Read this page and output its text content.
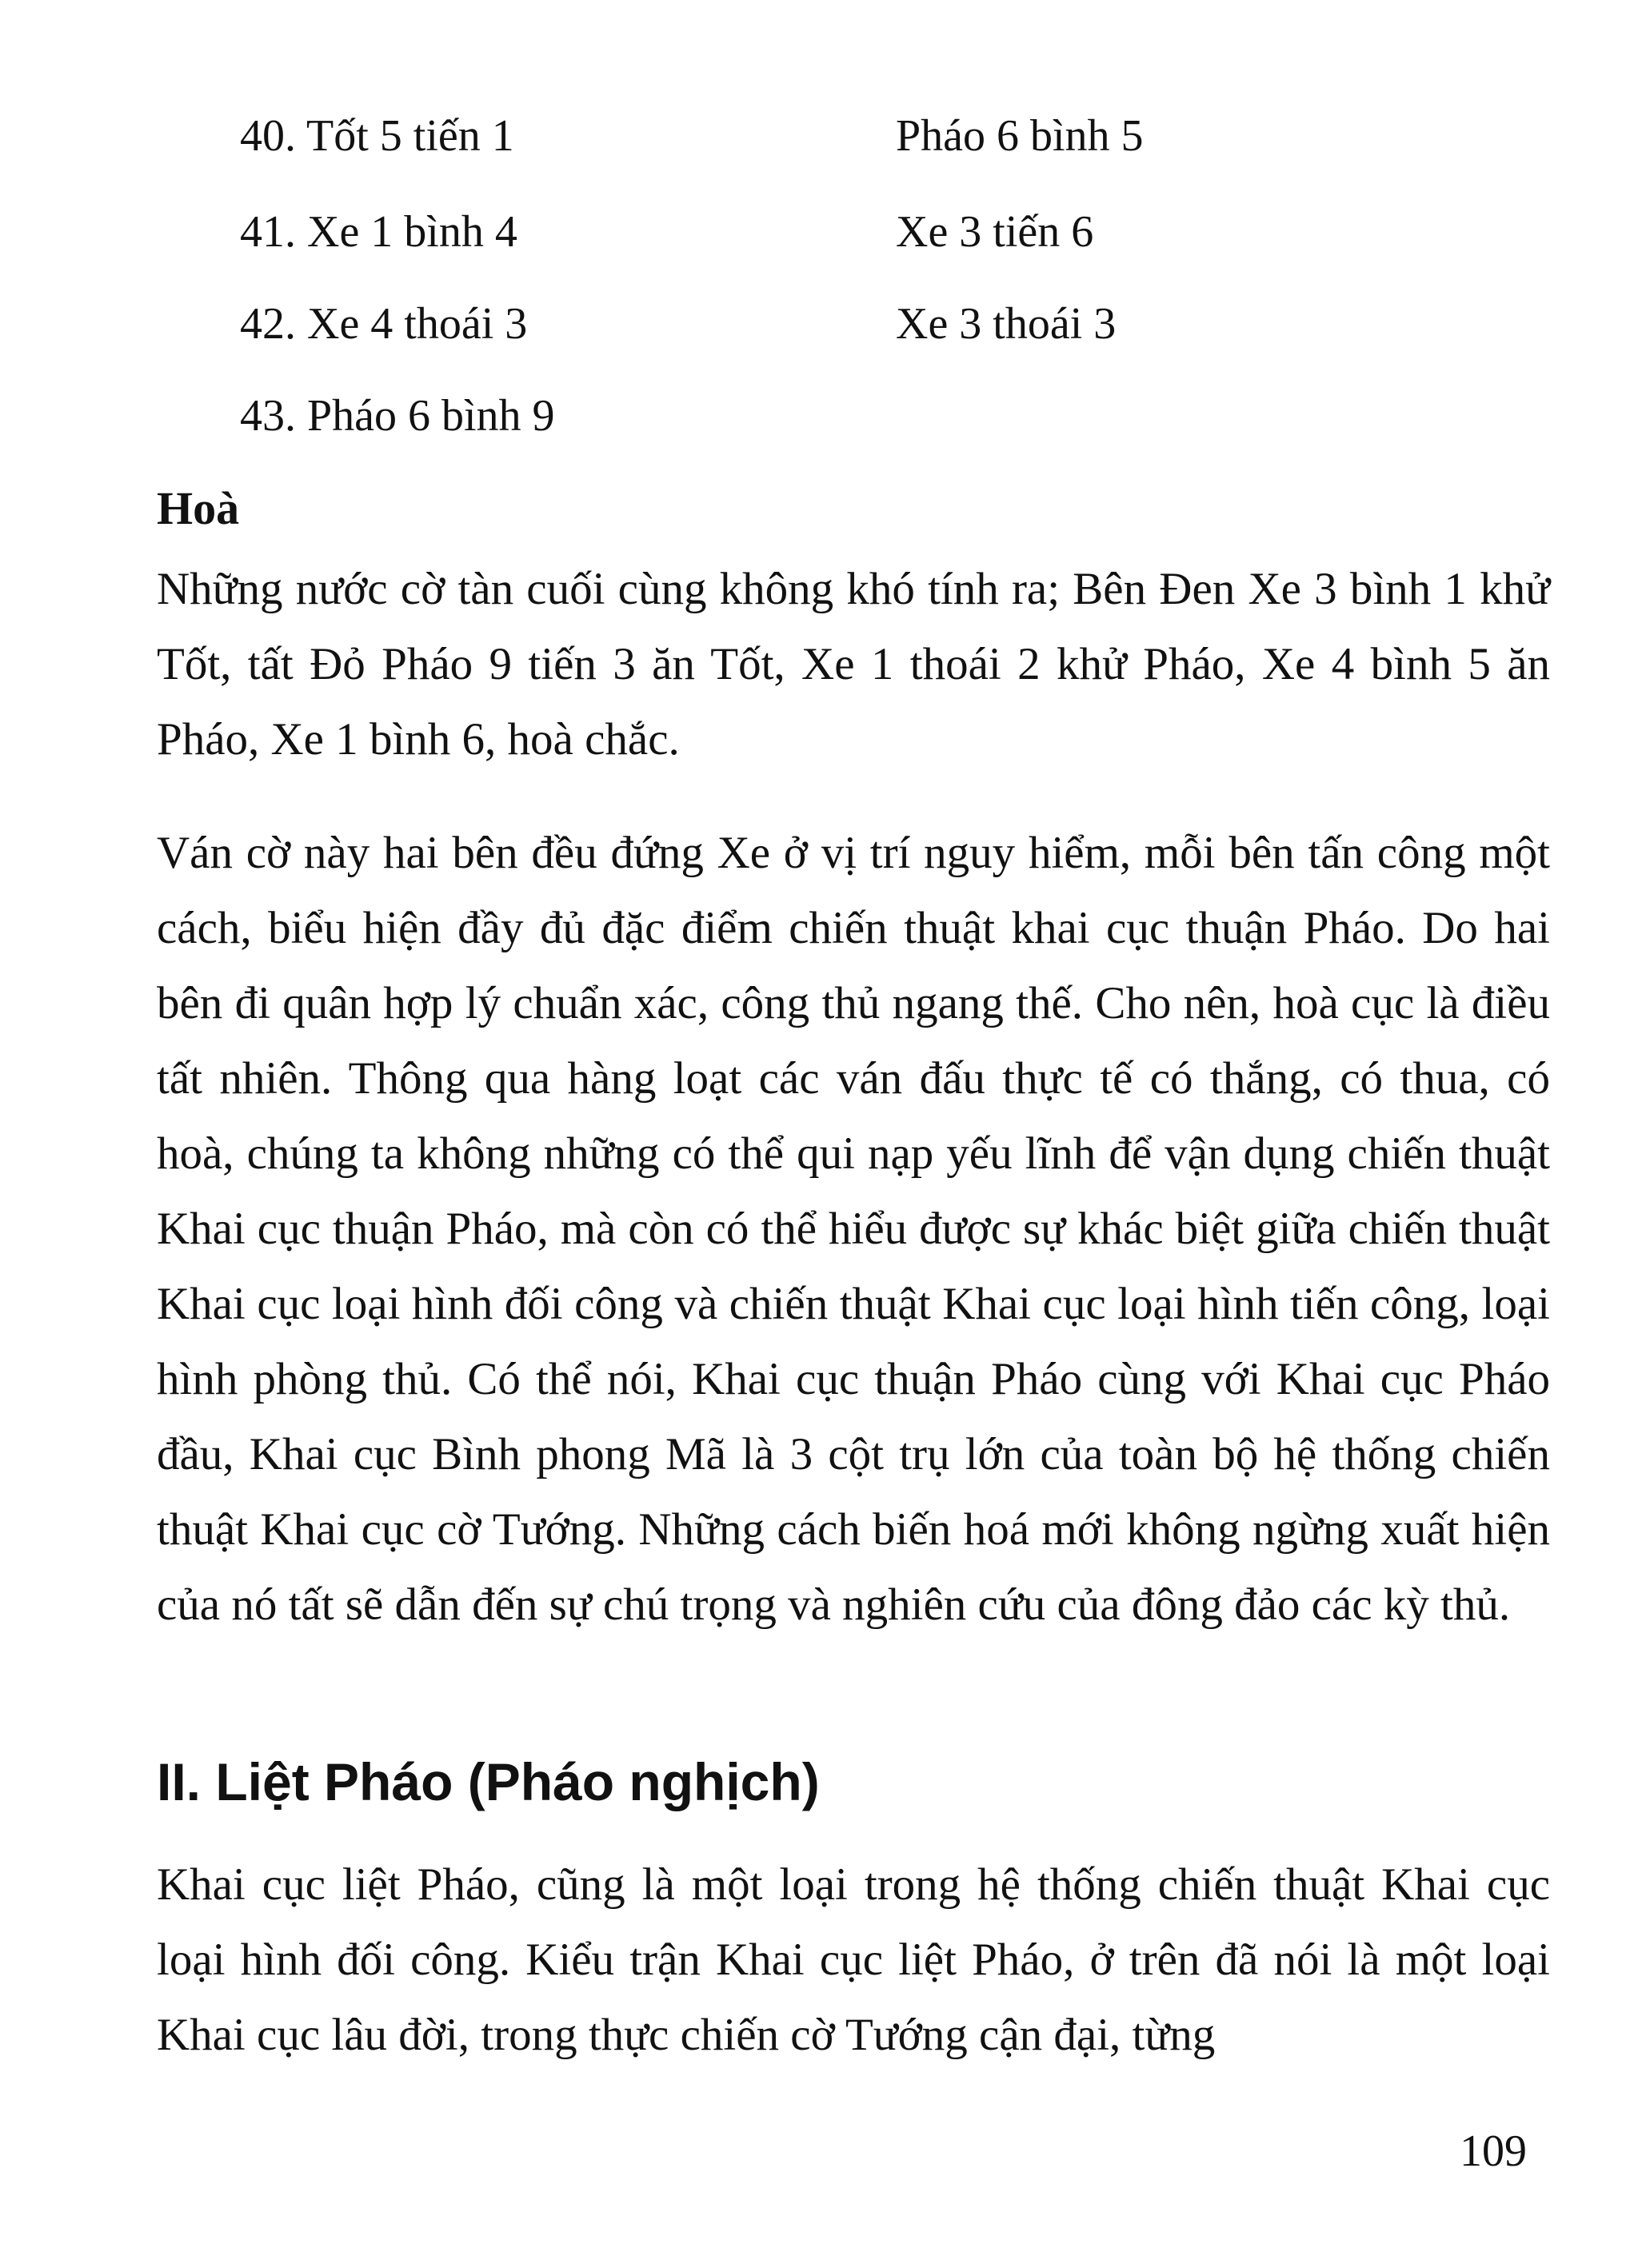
40. Tốt 5 tiến 1	Pháo 6 bình 5
41. Xe 1 bình 4	Xe 3 tiến 6
42. Xe 4 thoái 3	Xe 3 thoái 3
43. Pháo 6 bình 9
Hoà

Những nước cờ tàn cuối cùng không khó tính ra; Bên Đen Xe 3 bình 1 khử Tốt, tất Đỏ Pháo 9 tiến 3 ăn Tốt, Xe 1 thoái 2 khử Pháo, Xe 4 bình 5 ăn Pháo, Xe 1 bình 6, hoà chắc.

Ván cờ này hai bên đều đứng Xe ở vị trí nguy hiểm, mỗi bên tấn công một cách, biểu hiện đầy đủ đặc điểm chiến thuật khai cục thuận Pháo. Do hai bên đi quân hợp lý chuẩn xác, công thủ ngang thế. Cho nên, hoà cục là điều tất nhiên. Thông qua hàng loạt các ván đấu thực tế có thắng, có thua, có hoà, chúng ta không những có thể qui nạp yếu lĩnh để vận dụng chiến thuật Khai cục thuận Pháo, mà còn có thể hiểu được sự khác biệt giữa chiến thuật Khai cục loại hình đối công và chiến thuật Khai cục loại hình tiến công, loại hình phòng thủ. Có thể nói, Khai cục thuận Pháo cùng với Khai cục Pháo đầu, Khai cục Bình phong Mã là 3 cột trụ lớn của toàn bộ hệ thống chiến thuật Khai cục cờ Tướng. Những cách biến hoá mới không ngừng xuất hiện của nó tất sẽ dẫn đến sự chú trọng và nghiên cứu của đông đảo các kỳ thủ.

II. Liệt Pháo (Pháo nghịch)

Khai cục liệt Pháo, cũng là một loại trong hệ thống chiến thuật Khai cục loại hình đối công. Kiểu trận Khai cục liệt Pháo, ở trên đã nói là một loại Khai cục lâu đời, trong thực chiến cờ Tướng cận đại, từng

109
